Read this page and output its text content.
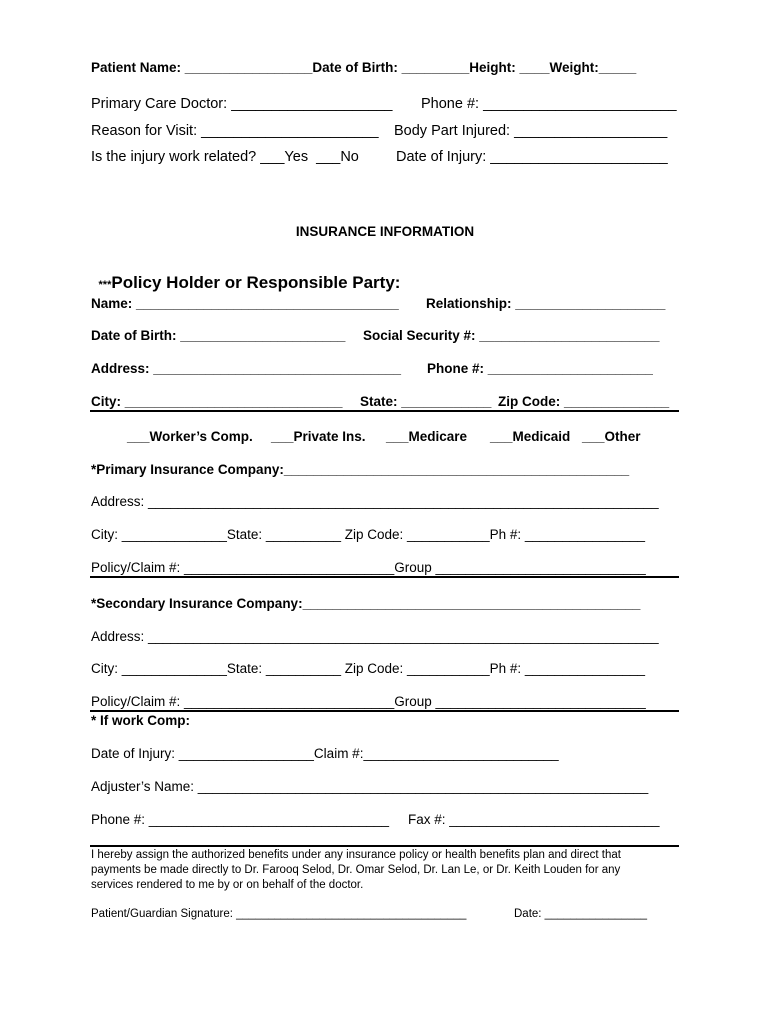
Patient Name: _________________Date of Birth: _________Height: ____Weight:_____
Primary Care Doctor: ____________________ Phone #: ________________________
Reason for Visit: ______________________ Body Part Injured: ___________________
Is the injury work related? ___Yes  ___No	Date of Injury: ______________________
INSURANCE INFORMATION

***Policy Holder or Responsible Party:

Name: ___________________________________ Relationship: ____________________
Date of Birth: ______________________ Social Security #: ________________________
Address: _________________________________ Phone #: ______________________
City: _____________________________ State: ____________ Zip Code: ______________
___Worker’s Comp. ___Private Ins. ___Medicare ___Medicaid ___Other
*Primary Insurance Company:______________________________________________
Address: ____________________________________________________________________
City: ______________State: __________ Zip Code: ___________Ph #: ________________
Policy/Claim #: ____________________________Group ____________________________
*Secondary Insurance Company:_____________________________________________
Address: ____________________________________________________________________
City: ______________State: __________ Zip Code: ___________Ph #: ________________
Policy/Claim #: ____________________________Group ____________________________
* If work Comp:
Date of Injury: __________________Claim #:__________________________
Adjuster’s Name: ____________________________________________________________
Phone #: ________________________________ Fax #: ____________________________
I hereby assign the authorized benefits under any insurance policy or health benefits plan and direct that
payments be made directly to Dr. Farooq Selod, Dr. Omar Selod, Dr. Lan Le, or Dr. Keith Louden for any
services rendered to me by or on behalf of the doctor.
Patient/Guardian Signature: ____________________________________	Date: ________________
